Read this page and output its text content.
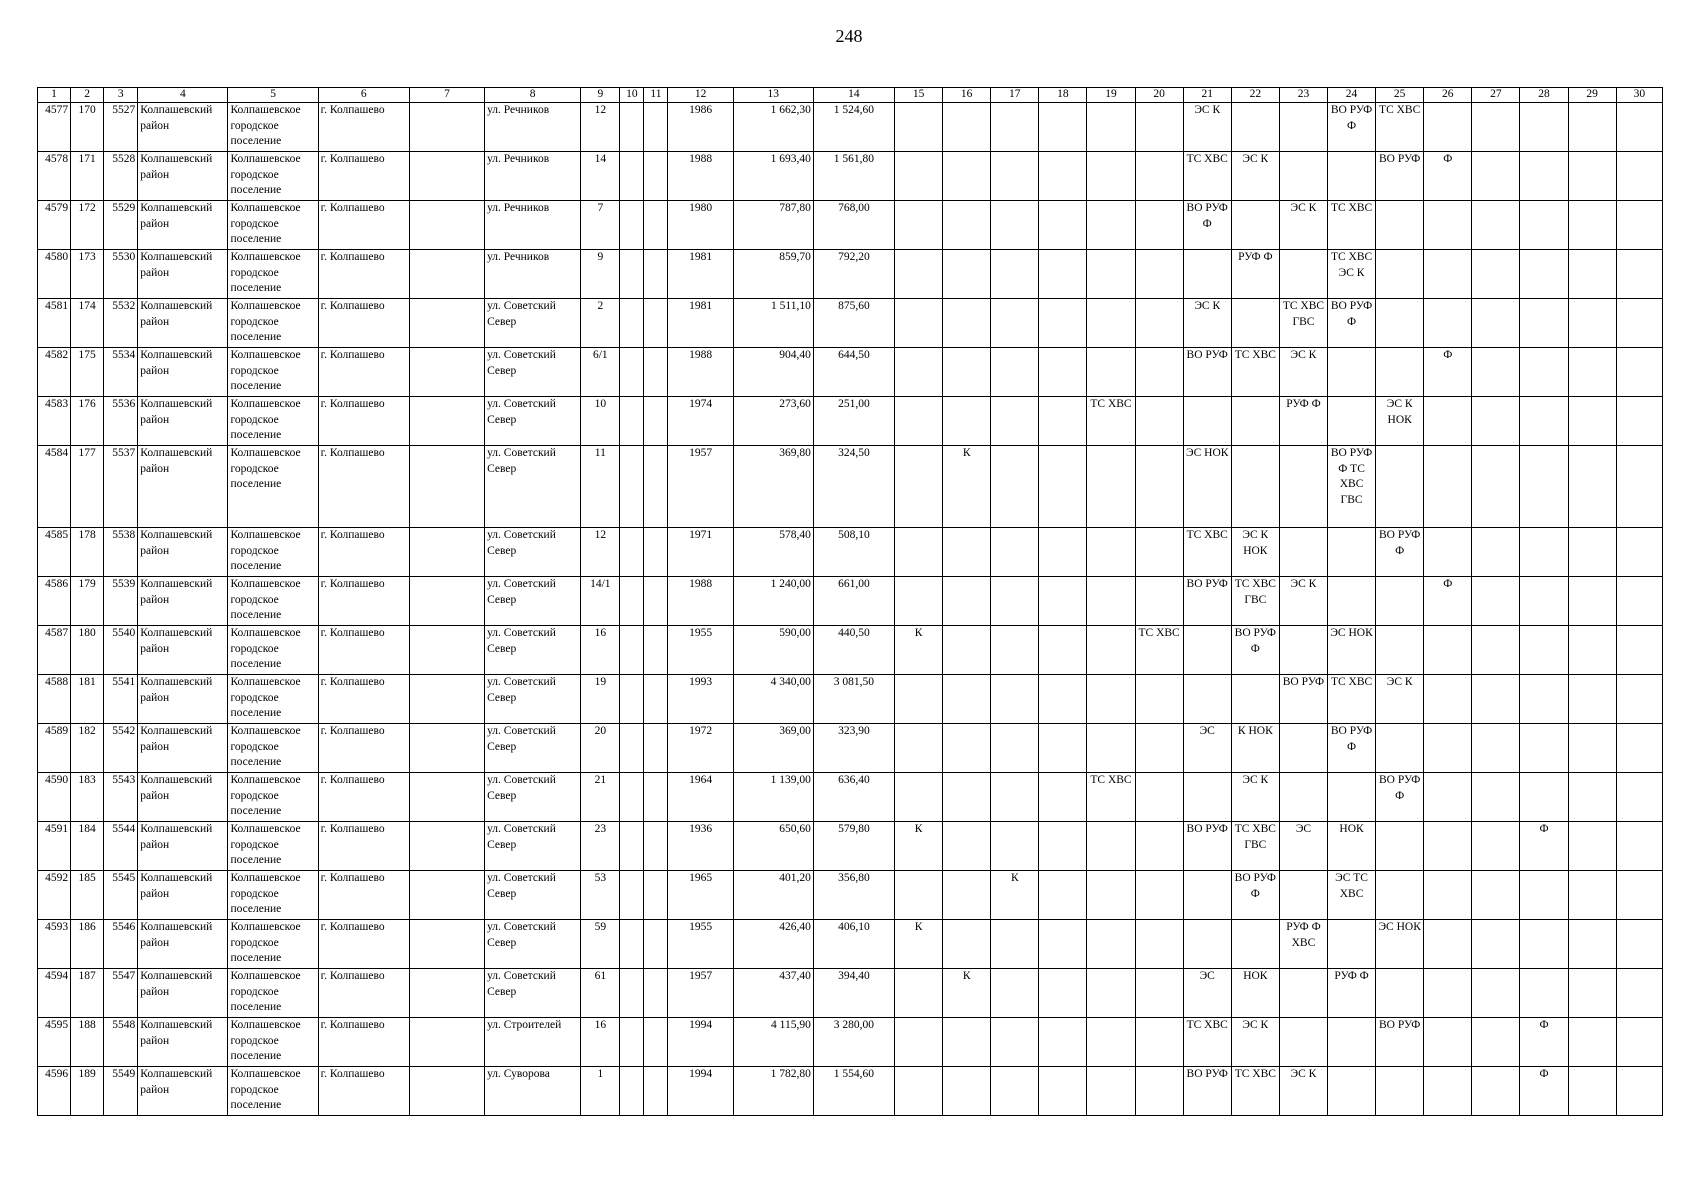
248
1	2	3	4	5	6	7	8	9	10	11	12	13	14	15	16	17	18	19	20	21	22	23	24	25	26	27	28	29	30
4577	170	5527	Колпашевский район	Колпашевское городское поселение	г. Колпашево		ул. Речников	12			1986	1 662,30	1 524,60							ЭС К			ВО РУФ Ф	ТС ХВС					
4578	171	5528	Колпашевский район	Колпашевское городское поселение	г. Колпашево		ул. Речников	14			1988	1 693,40	1 561,80							ТС ХВС	ЭС К			ВО РУФ	Ф				
4579	172	5529	Колпашевский район	Колпашевское городское поселение	г. Колпашево		ул. Речников	7			1980	787,80	768,00							ВО РУФ Ф		ЭС К	ТС ХВС						
4580	173	5530	Колпашевский район	Колпашевское городское поселение	г. Колпашево		ул. Речников	9			1981	859,70	792,20								РУФ Ф		ТС ХВС ЭС К						
4581	174	5532	Колпашевский район	Колпашевское городское поселение	г. Колпашево		ул. Советский Север	2			1981	1 511,10	875,60							ЭС К		ТС ХВС ГВС	ВО РУФ Ф						
4582	175	5534	Колпашевский район	Колпашевское городское поселение	г. Колпашево		ул. Советский Север	6/1			1988	904,40	644,50							ВО РУФ	ТС ХВС	ЭС К			Ф				
4583	176	5536	Колпашевский район	Колпашевское городское поселение	г. Колпашево		ул. Советский Север	10			1974	273,60	251,00					ТС ХВС				РУФ Ф		ЭС К НОК					
4584	177	5537	Колпашевский район	Колпашевское городское поселение	г. Колпашево		ул. Советский Север	11			1957	369,80	324,50		К					ЭС НОК			ВО РУФ Ф ТС ХВС ГВС						
4585	178	5538	Колпашевский район	Колпашевское городское поселение	г. Колпашево		ул. Советский Север	12			1971	578,40	508,10							ТС ХВС	ЭС К НОК			ВО РУФ Ф					
4586	179	5539	Колпашевский район	Колпашевское городское поселение	г. Колпашево		ул. Советский Север	14/1			1988	1 240,00	661,00							ВО РУФ	ТС ХВС ГВС	ЭС К			Ф				
4587	180	5540	Колпашевский район	Колпашевское городское поселение	г. Колпашево		ул. Советский Север	16			1955	590,00	440,50	К					ТС ХВС		ВО РУФ Ф		ЭС НОК						
4588	181	5541	Колпашевский район	Колпашевское городское поселение	г. Колпашево		ул. Советский Север	19			1993	4 340,00	3 081,50									ВО РУФ	ТС ХВС	ЭС К					
4589	182	5542	Колпашевский район	Колпашевское городское поселение	г. Колпашево		ул. Советский Север	20			1972	369,00	323,90							ЭС	К НОК		ВО РУФ Ф						
4590	183	5543	Колпашевский район	Колпашевское городское поселение	г. Колпашево		ул. Советский Север	21			1964	1 139,00	636,40					ТС ХВС			ЭС К			ВО РУФ Ф					
4591	184	5544	Колпашевский район	Колпашевское городское поселение	г. Колпашево		ул. Советский Север	23			1936	650,60	579,80	К						ВО РУФ	ТС ХВС ГВС	ЭС	НОК				Ф		
4592	185	5545	Колпашевский район	Колпашевское городское поселение	г. Колпашево		ул. Советский Север	53			1965	401,20	356,80			К					ВО РУФ Ф		ЭС ТС ХВС						
4593	186	5546	Колпашевский район	Колпашевское городское поселение	г. Колпашево		ул. Советский Север	59			1955	426,40	406,10	К								РУФ Ф ХВС		ЭС НОК					
4594	187	5547	Колпашевский район	Колпашевское городское поселение	г. Колпашево		ул. Советский Север	61			1957	437,40	394,40		К					ЭС	НОК		РУФ Ф						
4595	188	5548	Колпашевский район	Колпашевское городское поселение	г. Колпашево		ул. Строителей	16			1994	4 115,90	3 280,00							ТС ХВС	ЭС К			ВО РУФ			Ф		
4596	189	5549	Колпашевский район	Колпашевское городское поселение	г. Колпашево		ул. Суворова	1			1994	1 782,80	1 554,60							ВО РУФ	ТС ХВС	ЭС К					Ф		
